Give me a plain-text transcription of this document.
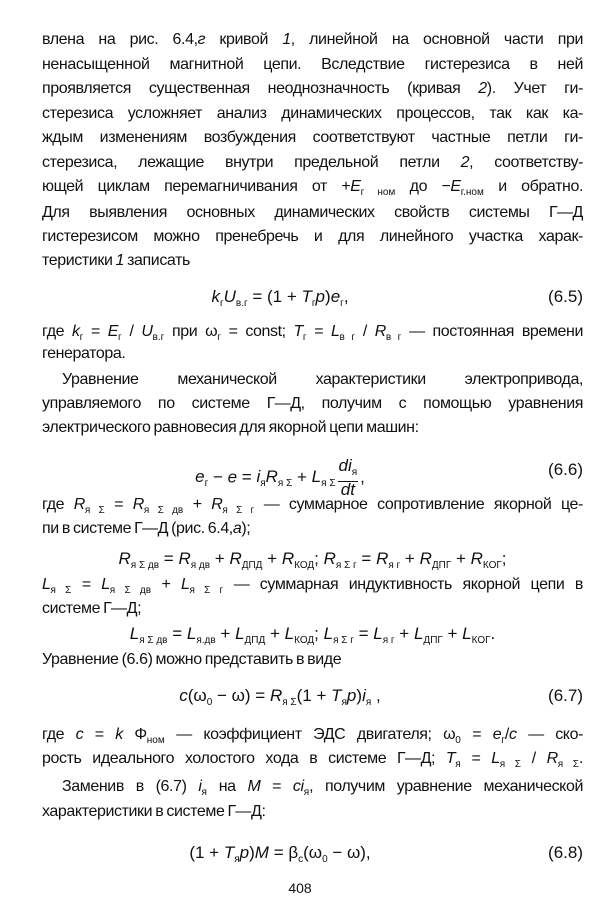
влена на рис. 6.4,г кривой 1, линейной на основной части при
ненасыщенной магнитной цепи. Вследствие гистерезиса в ней
проявляется существенная неоднозначность (кривая 2). Учет ги-
стерезиса усложняет анализ динамических процессов, так как ка-
ждым изменениям возбуждения соответствуют частные петли ги-
стерезиса, лежащие внутри предельной петли 2, соответству-
ющей циклам перемагничивания от $+E_{г ном}$ до $-E_{г.ном}$ и обратно.
Для выявления основных динамических свойств системы Г—Д
гистерезисом можно пренебречь и для линейного участка харак-
теристики 1 записать
$k_гU_{в.г} = (1 + T_гp)e_г$,	(6.5)
где $k_г = E_г / U_{в.г}$ при $\omega_г$ = const; $T_г = L_{в г} / R_{в г}$ — постоянная времени
генератора.
Уравнение механической характеристики электропривода,
управляемого по системе Г—Д, получим с помощью уравнения
электрического равновесия для якорной цепи машин:
$e_г - e = i_яR_{я \Sigma} + L_{я \Sigma} \frac{di_я}{dt}$ ,	(6.6)
где $R_{я \Sigma} = R_{я \Sigma дв} + R_{я \Sigma г}$ — суммарное сопротивление якорной це-
пи в системе Г—Д (рис. 6.4,а);
$R_{я \Sigma дв} = R_{я дв} + R_{ДПД} + R_{КОД}$; $R_{я \Sigma г} = R_{я г} + R_{ДПГ} + R_{КОГ}$;
$L_{я \Sigma} = L_{я \Sigma дв} + L_{я \Sigma г}$ — суммарная индуктивность якорной цепи в
системе Г—Д;
$L_{я \Sigma дв} = L_{я.дв} + L_{ДПД} + L_{КОД}$; $L_{я \Sigma г} = L_{я г} + L_{ДПГ} + L_{КОГ}$.
Уравнение (6.6) можно представить в виде
$c(\omega_0 - \omega) = R_{я \Sigma}(1 + T_яp)i_я$ ,	(6.7)
где c = k $\Phi_{ном}$ — коэффициент ЭДС двигателя; $\omega_0 = e_г/c$ — ско-
рость идеального холостого хода в системе Г—Д; $T_я = L_{я \Sigma} / R_{я \Sigma}$.
Заменив в (6.7) $i_я$ на $M = ci_я$, получим уравнение механической
характеристики в системе Г—Д:
$(1 + T_яp)M = \beta_c(\omega_0 - \omega)$,	(6.8)
408
